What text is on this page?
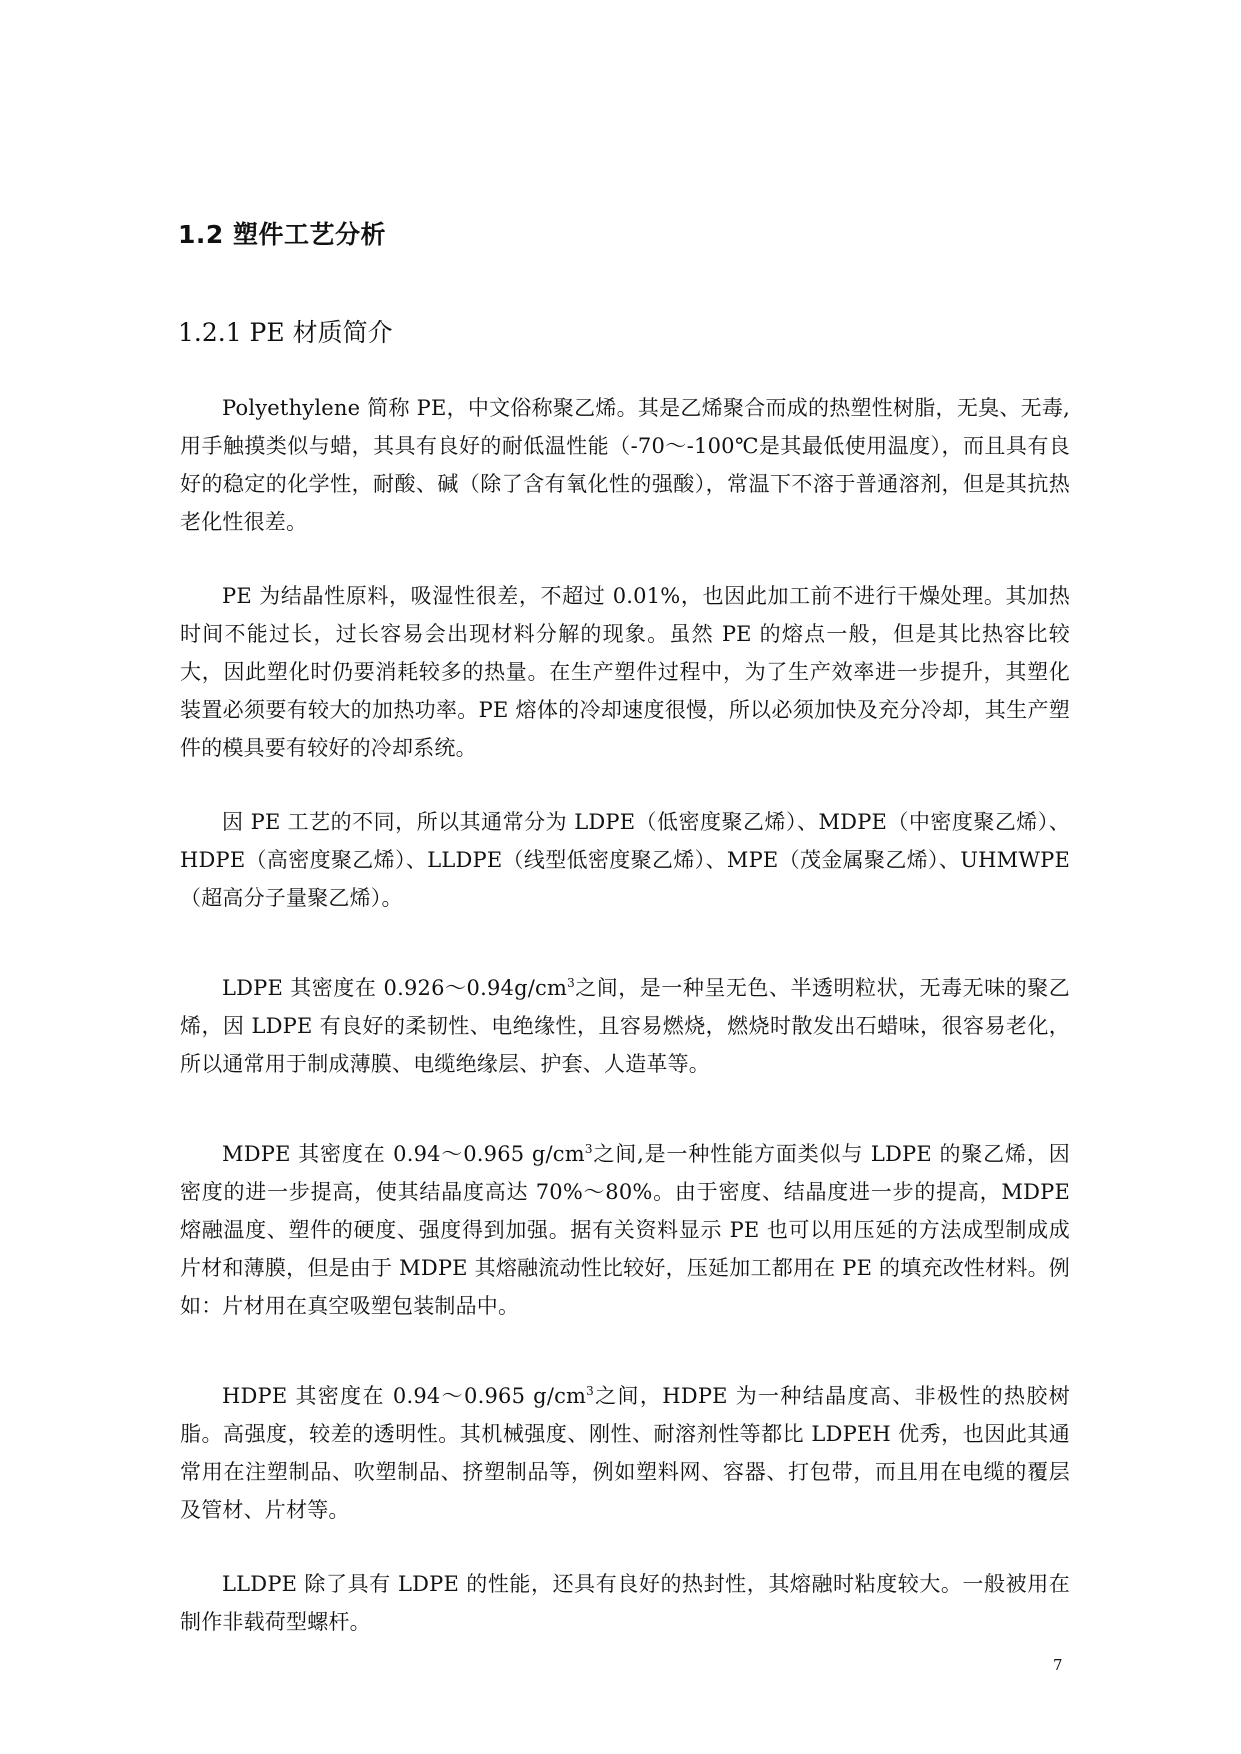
1.2 塑件工艺分析
1.2.1 PE 材质简介

Polyethylene 简称 PE，中文俗称聚乙烯。其是乙烯聚合而成的热塑性树脂，无臭、无毒,用手触摸类似与蜡，其具有良好的耐低温性能（-70～-100℃是其最低使用温度），而且具有良好的稳定的化学性，耐酸、碱（除了含有氧化性的强酸），常温下不溶于普通溶剂，但是其抗热老化性很差。

PE 为结晶性原料，吸湿性很差，不超过 0.01%，也因此加工前不进行干燥处理。其加热时间不能过长，过长容易会出现材料分解的现象。虽然 PE 的熔点一般，但是其比热容比较大，因此塑化时仍要消耗较多的热量。在生产塑件过程中，为了生产效率进一步提升，其塑化装置必须要有较大的加热功率。PE 熔体的冷却速度很慢，所以必须加快及充分冷却，其生产塑件的模具要有较好的冷却系统。

因 PE 工艺的不同，所以其通常分为 LDPE（低密度聚乙烯）、MDPE（中密度聚乙烯）、HDPE（高密度聚乙烯）、LLDPE（线型低密度聚乙烯）、MPE（茂金属聚乙烯）、UHMWPE（超高分子量聚乙烯）。

LDPE 其密度在 $0.926\sim 0.94g/cm^3$之间，是一种呈无色、半透明粒状，无毒无味的聚乙烯，因 LDPE 有良好的柔韧性、电绝缘性，且容易燃烧，燃烧时散发出石蜡味，很容易老化，所以通常用于制成薄膜、电缆绝缘层、护套、人造革等。

MDPE 其密度在 0.94～0.965 $g/cm^3$之间,是一种性能方面类似与 LDPE 的聚乙烯，因密度的进一步提高，使其结晶度高达 70%～80%。由于密度、结晶度进一步的提高，MDPE 熔融温度、塑件的硬度、强度得到加强。据有关资料显示 PE 也可以用压延的方法成型制成成片材和薄膜，但是由于 MDPE 其熔融流动性比较好，压延加工都用在 PE 的填充改性材料。例如：片材用在真空吸塑包装制品中。

HDPE 其密度在 0.94～0.965 $g/cm^3$之间，HDPE 为一种结晶度高、非极性的热胶树脂。高强度，较差的透明性。其机械强度、刚性、耐溶剂性等都比 LDPEH 优秀，也因此其通常用在注塑制品、吹塑制品、挤塑制品等，例如塑料网、容器、打包带，而且用在电缆的覆层及管材、片材等。

LLDPE 除了具有 LDPE 的性能，还具有良好的热封性，其熔融时粘度较大。一般被用在制作非载荷型螺杆。

7
